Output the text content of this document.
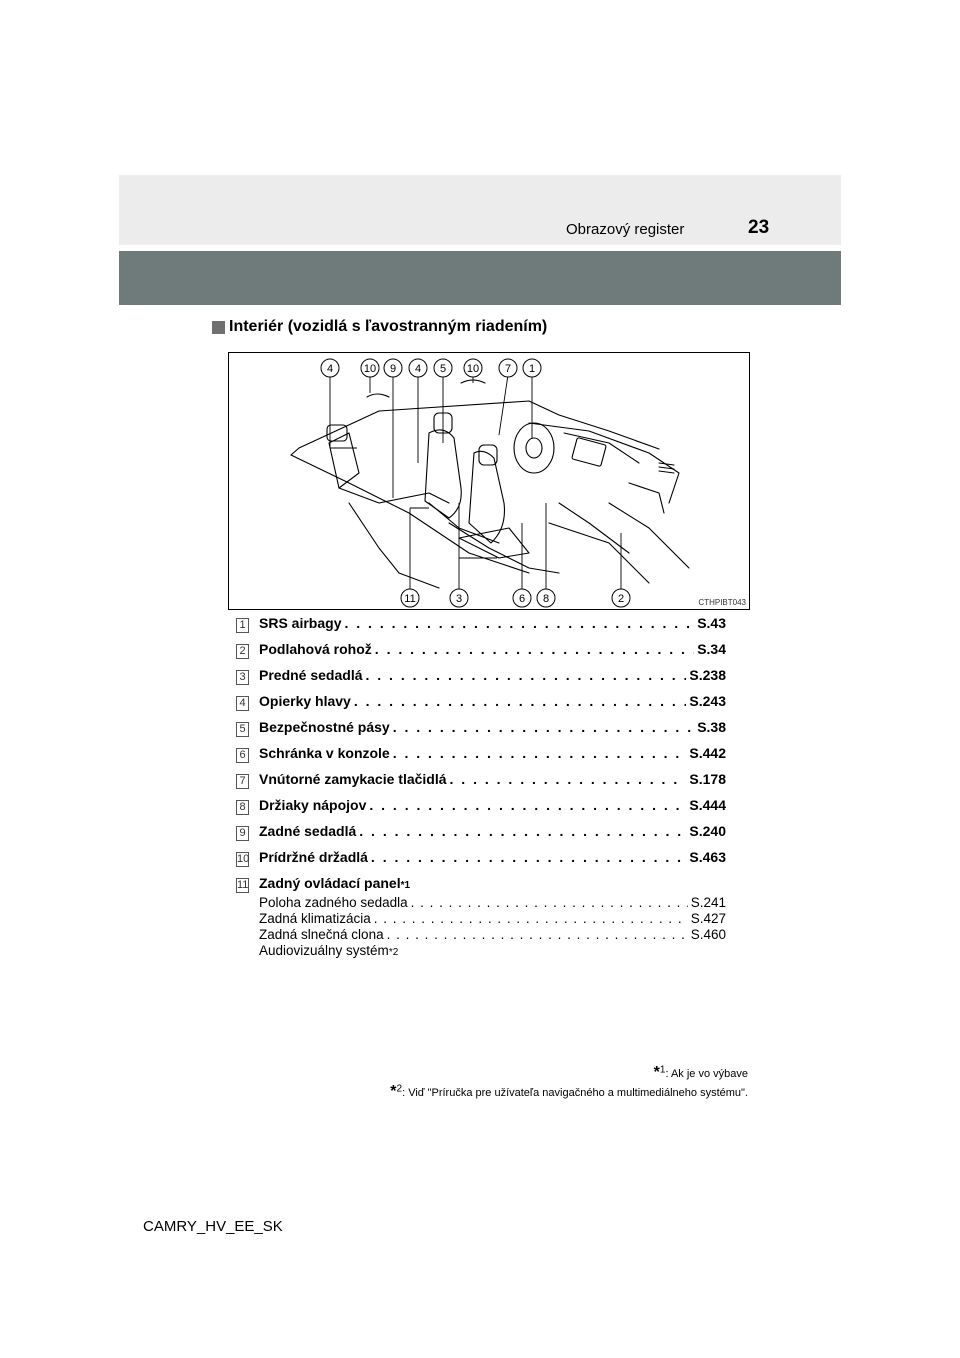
Obrazový register	23
Interiér (vozidlá s ľavostranným riadením)
4	10 9 4 5 10 7 1
11	3	6 8	2	CTHPIBT043
1 SRS airbagy . . .	S.43
2 Podlahová rohož . . .	S.34
3 Predné sedadlá . . .	S.238
4 Opierky hlavy . . .	S.243
5 Bezpečnostné pásy . . .	S.38
6 Schránka v konzole . . .	S.442
7 Vnútorné zamykacie tlačidlá . . .	S.178
8 Držiaky nápojov . . .	S.444
9 Zadné sedadlá . . .	S.240
10 Prídržné držadlá . . .	S.463
11 Zadný ovládací panel *1
Poloha zadného sedadla . . .	S.241
Zadná klimatizácia . . .	S.427
Zadná slnečná clona . . .	S.460
Audiovizuálny systém *2
*$^1$: Ak je vo výbave
*$^2$: Viď "Príručka pre užívateľa navigačného a multimediálneho systému".
CAMRY_HV_EE_SK
